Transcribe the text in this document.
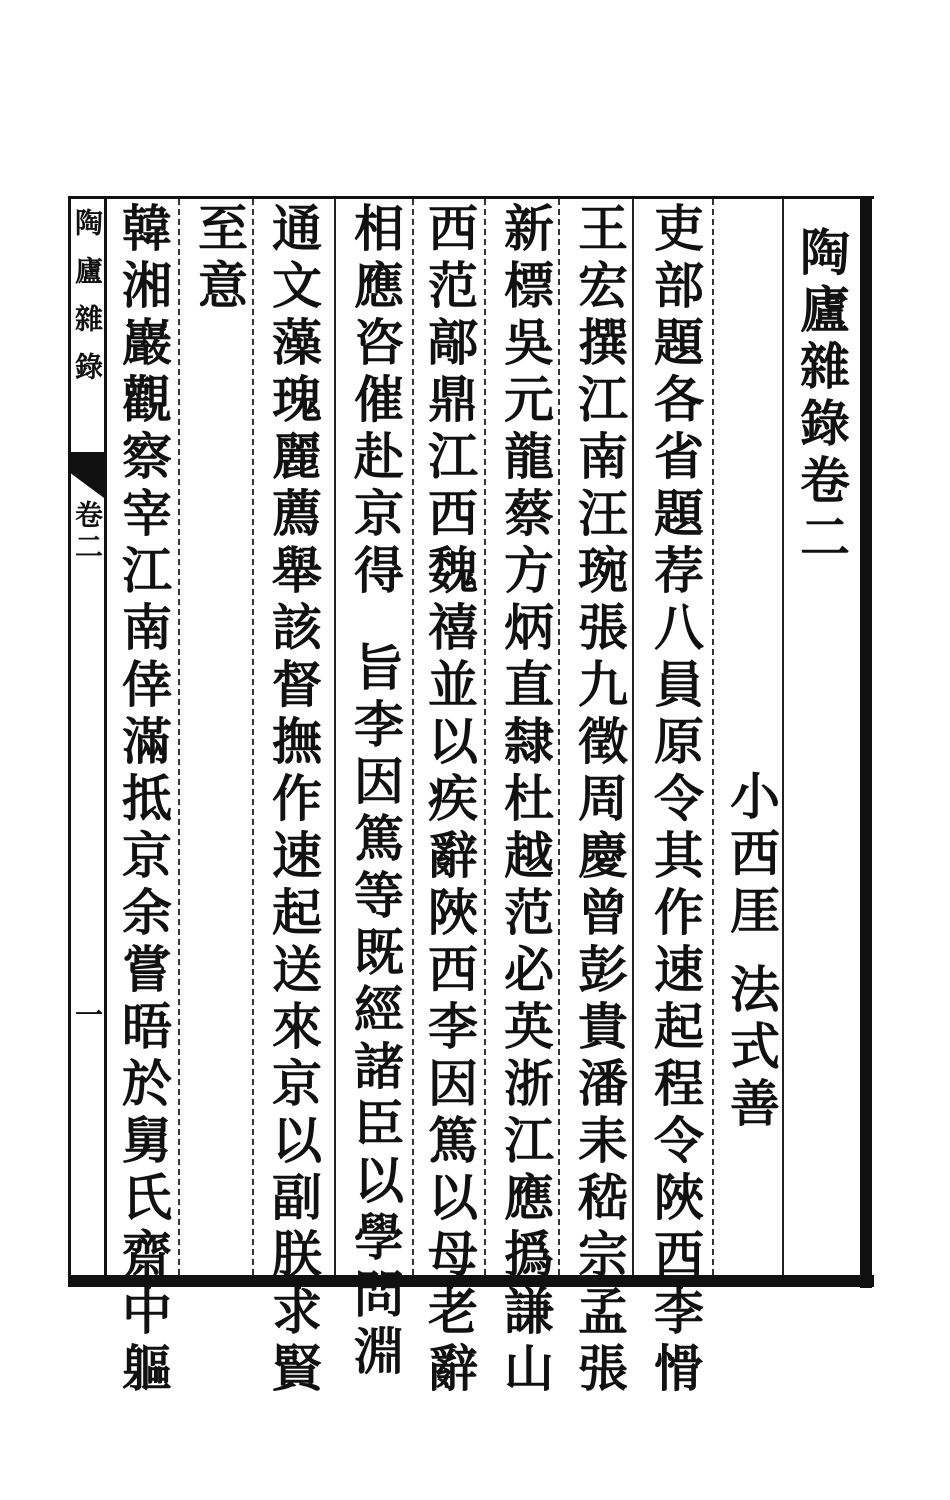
陶廬雜錄
卷二
一
陶廬雜錄卷二
小西厓法式善
吏部題各省題荐八員原令其作速起程令陜西李愲
王宏撰江南汪琬張九徵周慶曾彭貴潘耒嵇宗孟張
新標吳元龍蔡方炳直隸杜越范必英浙江應撝謙山
西范鄗鼎江西魏禧並以疾辭陜西李因篤以母老辭
相應咨催赴京得旨李因篤等既經諸臣以學問淵
通文藻瑰麗薦舉該督撫作速起送來京以副朕求賢
至意
韓湘巖觀察宰江南倖滿抵京余嘗晤於舅氏齋中軀
